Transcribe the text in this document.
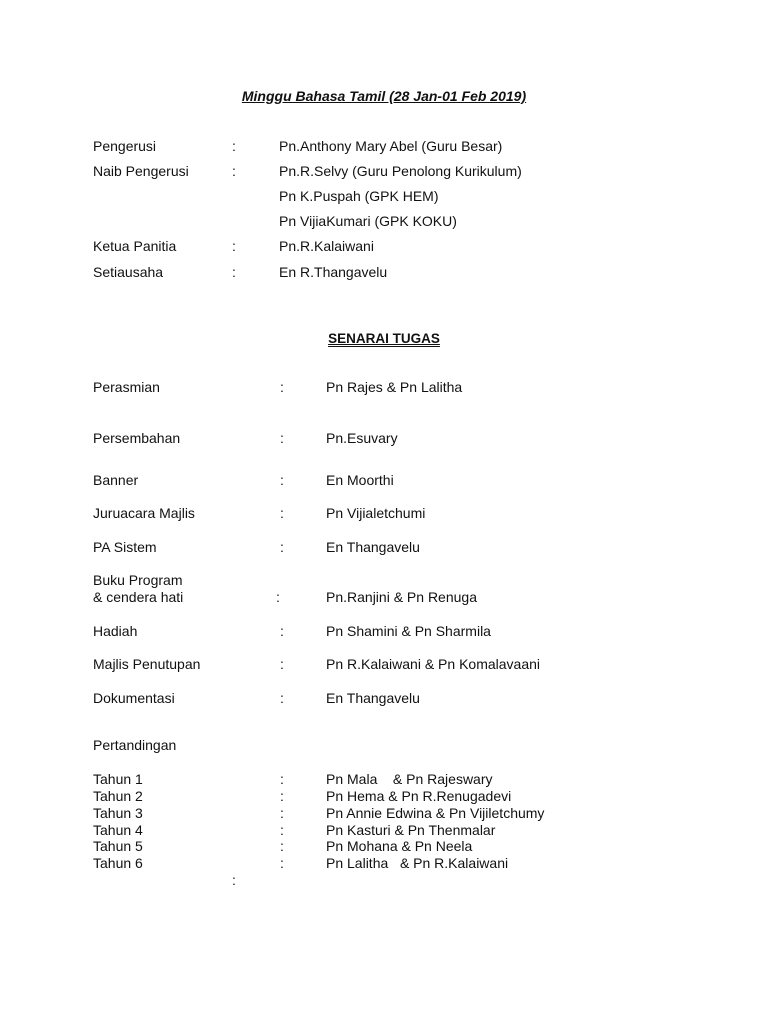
Minggu Bahasa Tamil (28 Jan-01 Feb 2019)
Pengerusi	:	Pn.Anthony Mary Abel (Guru Besar)
Naib Pengerusi	:	Pn.R.Selvy (Guru Penolong Kurikulum)
Pn K.Puspah (GPK HEM)
Pn VijiaKumari (GPK KOKU)
Ketua Panitia	:	Pn.R.Kalaiwani
Setiausaha	:	En R.Thangavelu
SENARAI TUGAS
Perasmian	:	Pn Rajes & Pn Lalitha
Persembahan	:	Pn.Esuvary
Banner	:	En Moorthi
Juruacara Majlis	:	Pn Vijialetchumi
PA Sistem	:	En Thangavelu
Buku Program
& cendera hati	:	Pn.Ranjini & Pn Renuga
Hadiah	:	Pn Shamini & Pn Sharmila
Majlis Penutupan	:	Pn R.Kalaiwani & Pn Komalavaani
Dokumentasi	:	En Thangavelu
Pertandingan
Tahun 1	:	Pn Mala    & Pn Rajeswary
Tahun 2	:	Pn Hema & Pn R.Renugadevi
Tahun 3	:	Pn Annie Edwina & Pn Vijiletchumy
Tahun 4	:	Pn Kasturi & Pn Thenmalar
Tahun 5	:	Pn Mohana & Pn Neela
Tahun 6	:	Pn Lalitha   & Pn R.Kalaiwani
:
